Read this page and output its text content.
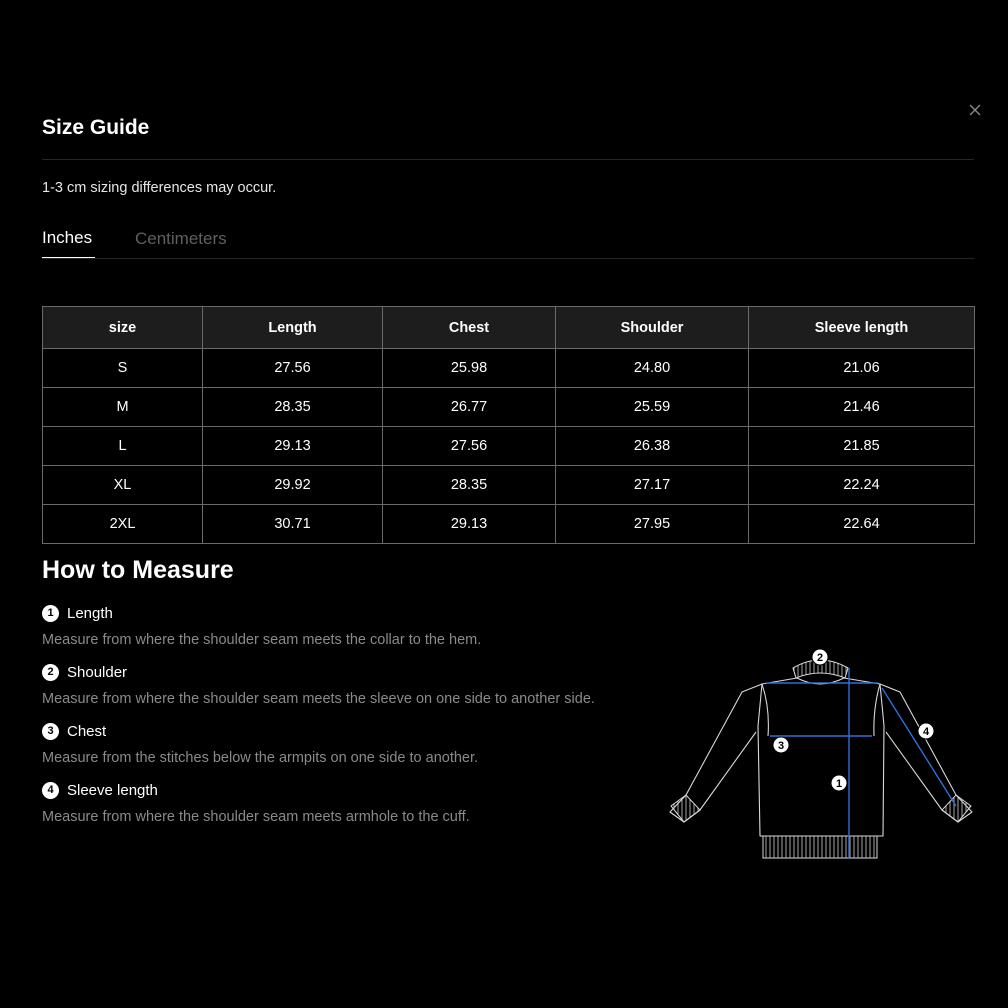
Size Guide
1-3 cm sizing differences may occur.
Inches	Centimeters
size	Length	Chest	Shoulder	Sleeve length
S	27.56	25.98	24.80	21.06
M	28.35	26.77	25.59	21.46
L	29.13	27.56	26.38	21.85
XL	29.92	28.35	27.17	22.24
2XL	30.71	29.13	27.95	22.64
How to Measure
1 Length
Measure from where the shoulder seam meets the collar to the hem.
2 Shoulder
Measure from where the shoulder seam meets the sleeve on one side to another side.
3 Chest
Measure from the stitches below the armpits on one side to another.
4 Sleeve length
Measure from where the shoulder seam meets armhole to the cuff.
2
3
1
4
